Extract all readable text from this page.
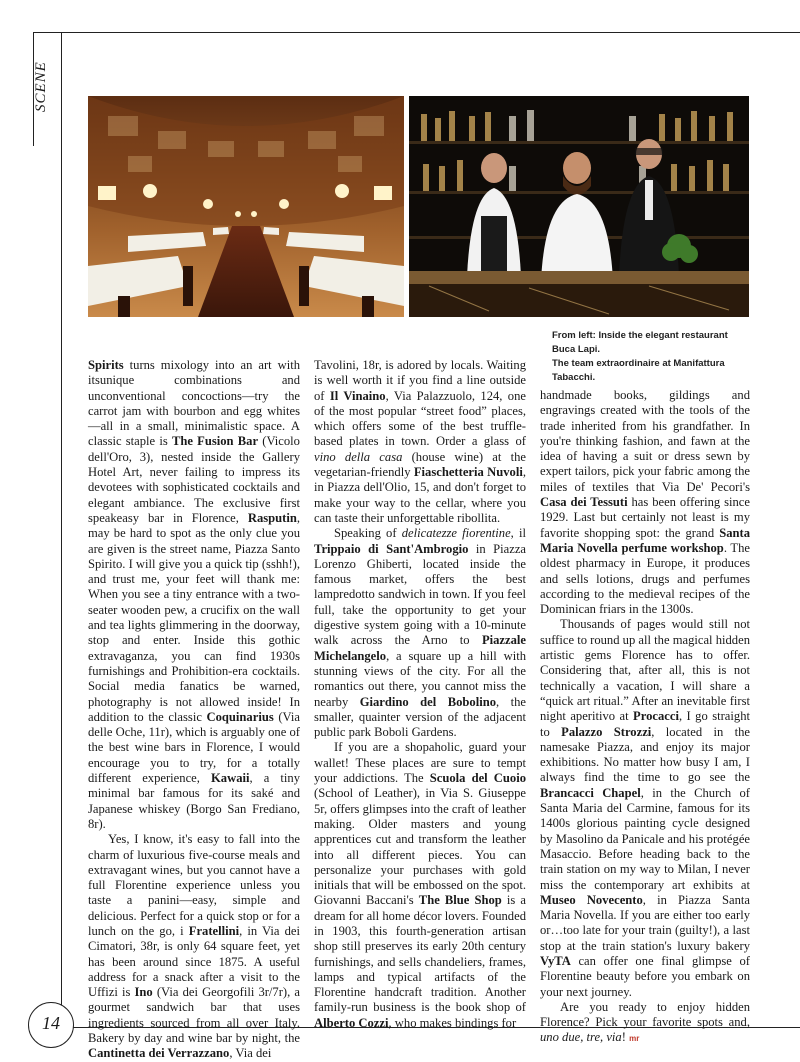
SCENE
From left: Inside the elegant restaurant Buca Lapi.
The team extraordinaire at Manifattura Tabacchi.

Spirits turns mixology into an art with itsunique combinations and unconventional concoctions—try the carrot jam with bourbon and egg whites—all in a small, minimalistic space. A classic staple is The Fusion Bar (Vicolo dell'Oro, 3), nested inside the Gallery Hotel Art, never failing to impress its devotees with sophisticated cocktails and elegant ambiance. The exclusive first speakeasy bar in Florence, Rasputin, may be hard to spot as the only clue you are given is the street name, Piazza Santo Spirito. I will give you a quick tip (sshh!), and trust me, your feet will thank me: When you see a tiny entrance with a two-seater wooden pew, a crucifix on the wall and tea lights glimmering in the doorway, stop and enter. Inside this gothic extravaganza, you can find 1930s furnishings and Prohibition-era cocktails. Social media fanatics be warned, photography is not allowed inside! In addition to the classic Coquinarius (Via delle Oche, 11r), which is arguably one of the best wine bars in Florence, I would encourage you to try, for a totally different experience, Kawaii, a tiny minimal bar famous for its saké and Japanese whiskey (Borgo San Frediano, 8r).

Yes, I know, it's easy to fall into the charm of luxurious five-course meals and extravagant wines, but you cannot have a full Florentine experience unless you taste a panini—easy, simple and delicious. Perfect for a quick stop or for a lunch on the go, i Fratellini, in Via dei Cimatori, 38r, is only 64 square feet, yet has been around since 1875. A useful address for a snack after a visit to the Uffizi is Ino (Via dei Georgofili 3r/7r), a gourmet sandwich bar that uses ingredients sourced from all over Italy. Bakery by day and wine bar by night, the Cantinetta dei Verrazzano, Via dei

Tavolini, 18r, is adored by locals. Waiting is well worth it if you find a line outside of Il Vinaino, Via Palazzuolo, 124, one of the most popular “street food” places, which offers some of the best truffle-based plates in town. Order a glass of vino della casa (house wine) at the vegetarian-friendly Fiaschetteria Nuvoli, in Piazza dell'Olio, 15, and don't forget to make your way to the cellar, where you can taste their unforgettable ribollita.

Speaking of delicatezze fiorentine, il Trippaio di Sant'Ambrogio in Piazza Lorenzo Ghiberti, located inside the famous market, offers the best lampredotto sandwich in town. If you feel full, take the opportunity to get your digestive system going with a 10-minute walk across the Arno to Piazzale Michelangelo, a square up a hill with stunning views of the city. For all the romantics out there, you cannot miss the nearby Giardino del Bobolino, the smaller, quainter version of the adjacent public park Boboli Gardens.

If you are a shopaholic, guard your wallet! These places are sure to tempt your addictions. The Scuola del Cuoio (School of Leather), in Via S. Giuseppe 5r, offers glimpses into the craft of leather making. Older masters and young apprentices cut and transform the leather into all different pieces. You can personalize your purchases with gold initials that will be embossed on the spot. Giovanni Baccani's The Blue Shop is a dream for all home décor lovers. Founded in 1903, this fourth-generation artisan shop still preserves its early 20th century furnishings, and sells chandeliers, frames, lamps and typical artifacts of the Florentine handcraft tradition. Another family-run business is the book shop of Alberto Cozzi, who makes bindings for

handmade books, gildings and engravings created with the tools of the trade inherited from his grandfather. In you're thinking fashion, and fawn at the idea of having a suit or dress sewn by expert tailors, pick your fabric among the miles of textiles that Via De' Pecori's Casa dei Tessuti has been offering since 1929. Last but certainly not least is my favorite shopping spot: the grand Santa Maria Novella perfume workshop. The oldest pharmacy in Europe, it produces and sells lotions, drugs and perfumes according to the medieval recipes of the Dominican friars in the 1300s.

Thousands of pages would still not suffice to round up all the magical hidden artistic gems Florence has to offer. Considering that, after all, this is not technically a vacation, I will share a “quick art ritual.” After an inevitable first night aperitivo at Procacci, I go straight to Palazzo Strozzi, located in the namesake Piazza, and enjoy its major exhibitions. No matter how busy I am, I always find the time to go see the Brancacci Chapel, in the Church of Santa Maria del Carmine, famous for its 1400s glorious painting cycle designed by Masolino da Panicale and his protégée Masaccio. Before heading back to the train station on my way to Milan, I never miss the contemporary art exhibits at Museo Novecento, in Piazza Santa Maria Novella. If you are either too early or…too late for your train (guilty!), a last stop at the train station's luxury bakery VyTA can offer one final glimpse of Florentine beauty before you embark on your next journey.

Are you ready to enjoy hidden Florence? Pick your favorite spots and, uno due, tre, via! mr

14
